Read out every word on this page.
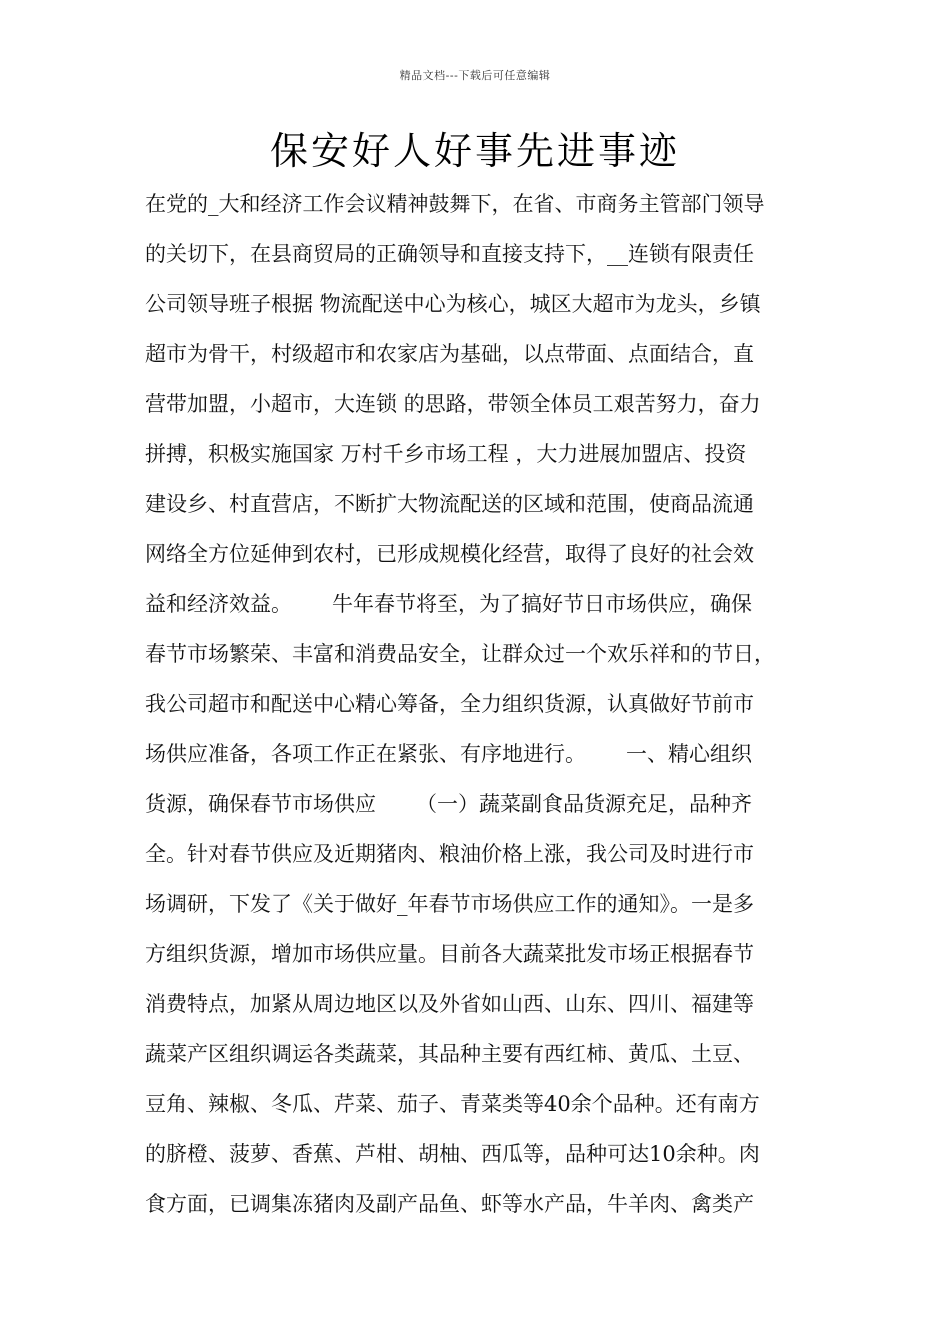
精品文档---下载后可任意编辑
保安好人好事先进事迹
在党的_大和经济工作会议精神鼓舞下，在省、市商务主管部门领导
的关切下，在县商贸局的正确领导和直接支持下，__连锁有限责任
公司领导班子根据 物流配送中心为核心，城区大超市为龙头，乡镇
超市为骨干，村级超市和农家店为基础，以点带面、点面结合，直
营带加盟，小超市，大连锁 的思路，带领全体员工艰苦努力，奋力
拼搏，积极实施国家 万村千乡市场工程 ，大力进展加盟店、投资
建设乡、村直营店，不断扩大物流配送的区域和范围，使商品流通
网络全方位延伸到农村，已形成规模化经营，取得了良好的社会效
益和经济效益。      牛年春节将至，为了搞好节日市场供应，确保
春节市场繁荣、丰富和消费品安全，让群众过一个欢乐祥和的节日，
我公司超市和配送中心精心筹备，全力组织货源，认真做好节前市
场供应准备，各项工作正在紧张、有序地进行。      一、精心组织
货源，确保春节市场供应      （一）蔬菜副食品货源充足，品种齐
全。针对春节供应及近期猪肉、粮油价格上涨，我公司及时进行市
场调研，下发了《关于做好_年春节市场供应工作的通知》。一是多
方组织货源，增加市场供应量。目前各大蔬菜批发市场正根据春节
消费特点，加紧从周边地区以及外省如山西、山东、四川、福建等
蔬菜产区组织调运各类蔬菜，其品种主要有西红柿、黄瓜、土豆、
豆角、辣椒、冬瓜、芹菜、茄子、青菜类等40余个品种。还有南方
的脐橙、菠萝、香蕉、芦柑、胡柚、西瓜等，品种可达10余种。肉
食方面，已调集冻猪肉及副产品鱼、虾等水产品，牛羊肉、禽类产
